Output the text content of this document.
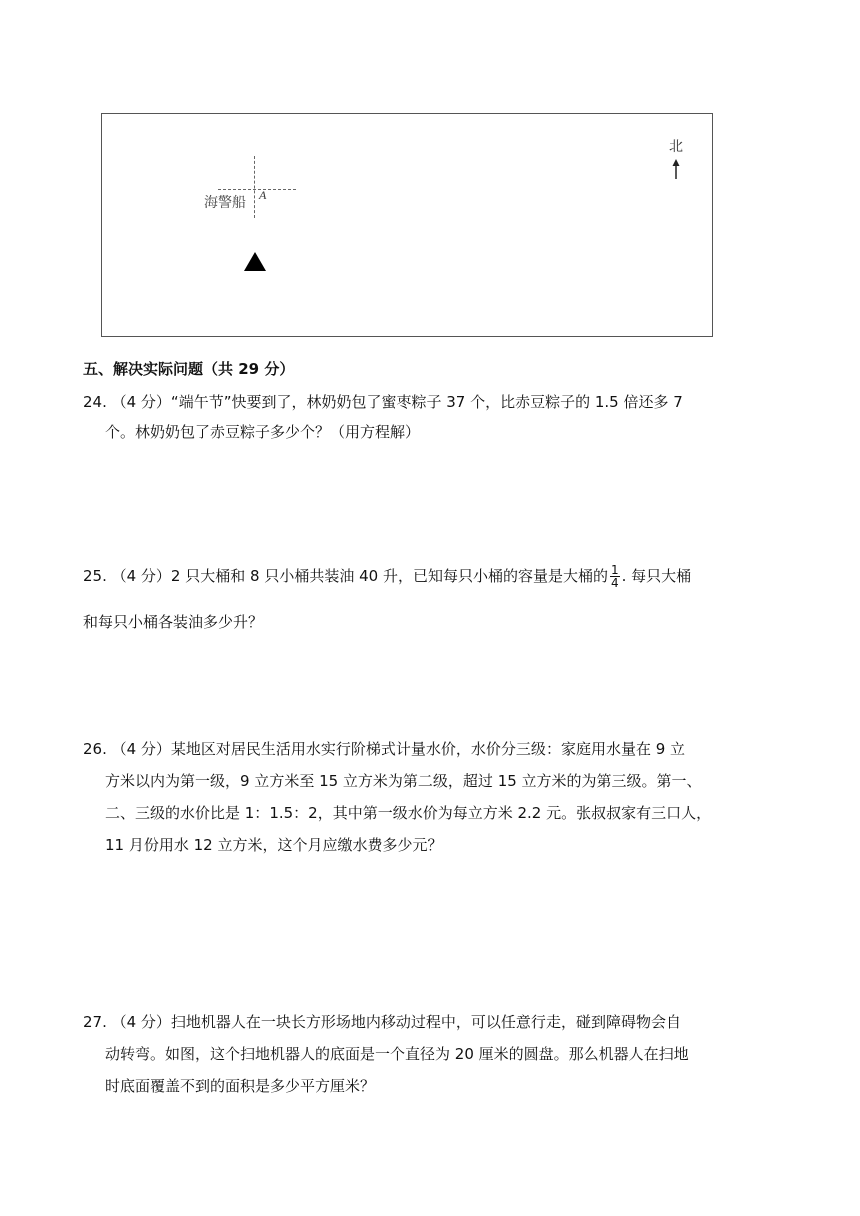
海警船 A
北
五、解决实际问题（共 29 分）
24. （4 分）“端午节”快要到了，林奶奶包了蜜枣粽子 37 个，比赤豆粽子的 1.5 倍还多 7
个。林奶奶包了赤豆粽子多少个？（用方程解）
25. （4 分）2 只大桶和 8 只小桶共装油 40 升，已知每只小桶的容量是大桶的 $\frac{1}{4}$ . 每只大桶
和每只小桶各装油多少升？
26. （4 分）某地区对居民生活用水实行阶梯式计量水价，水价分三级：家庭用水量在 9 立
方米以内为第一级，9 立方米至 15 立方米为第二级，超过 15 立方米的为第三级。第一、
二、三级的水价比是 1：1.5：2，其中第一级水价为每立方米 2.2 元。张叔叔家有三口人，
11 月份用水 12 立方米，这个月应缴水费多少元？
27. （4 分）扫地机器人在一块长方形场地内移动过程中，可以任意行走，碰到障碍物会自
动转弯。如图，这个扫地机器人的底面是一个直径为 20 厘米的圆盘。那么机器人在扫地
时底面覆盖不到的面积是多少平方厘米？
